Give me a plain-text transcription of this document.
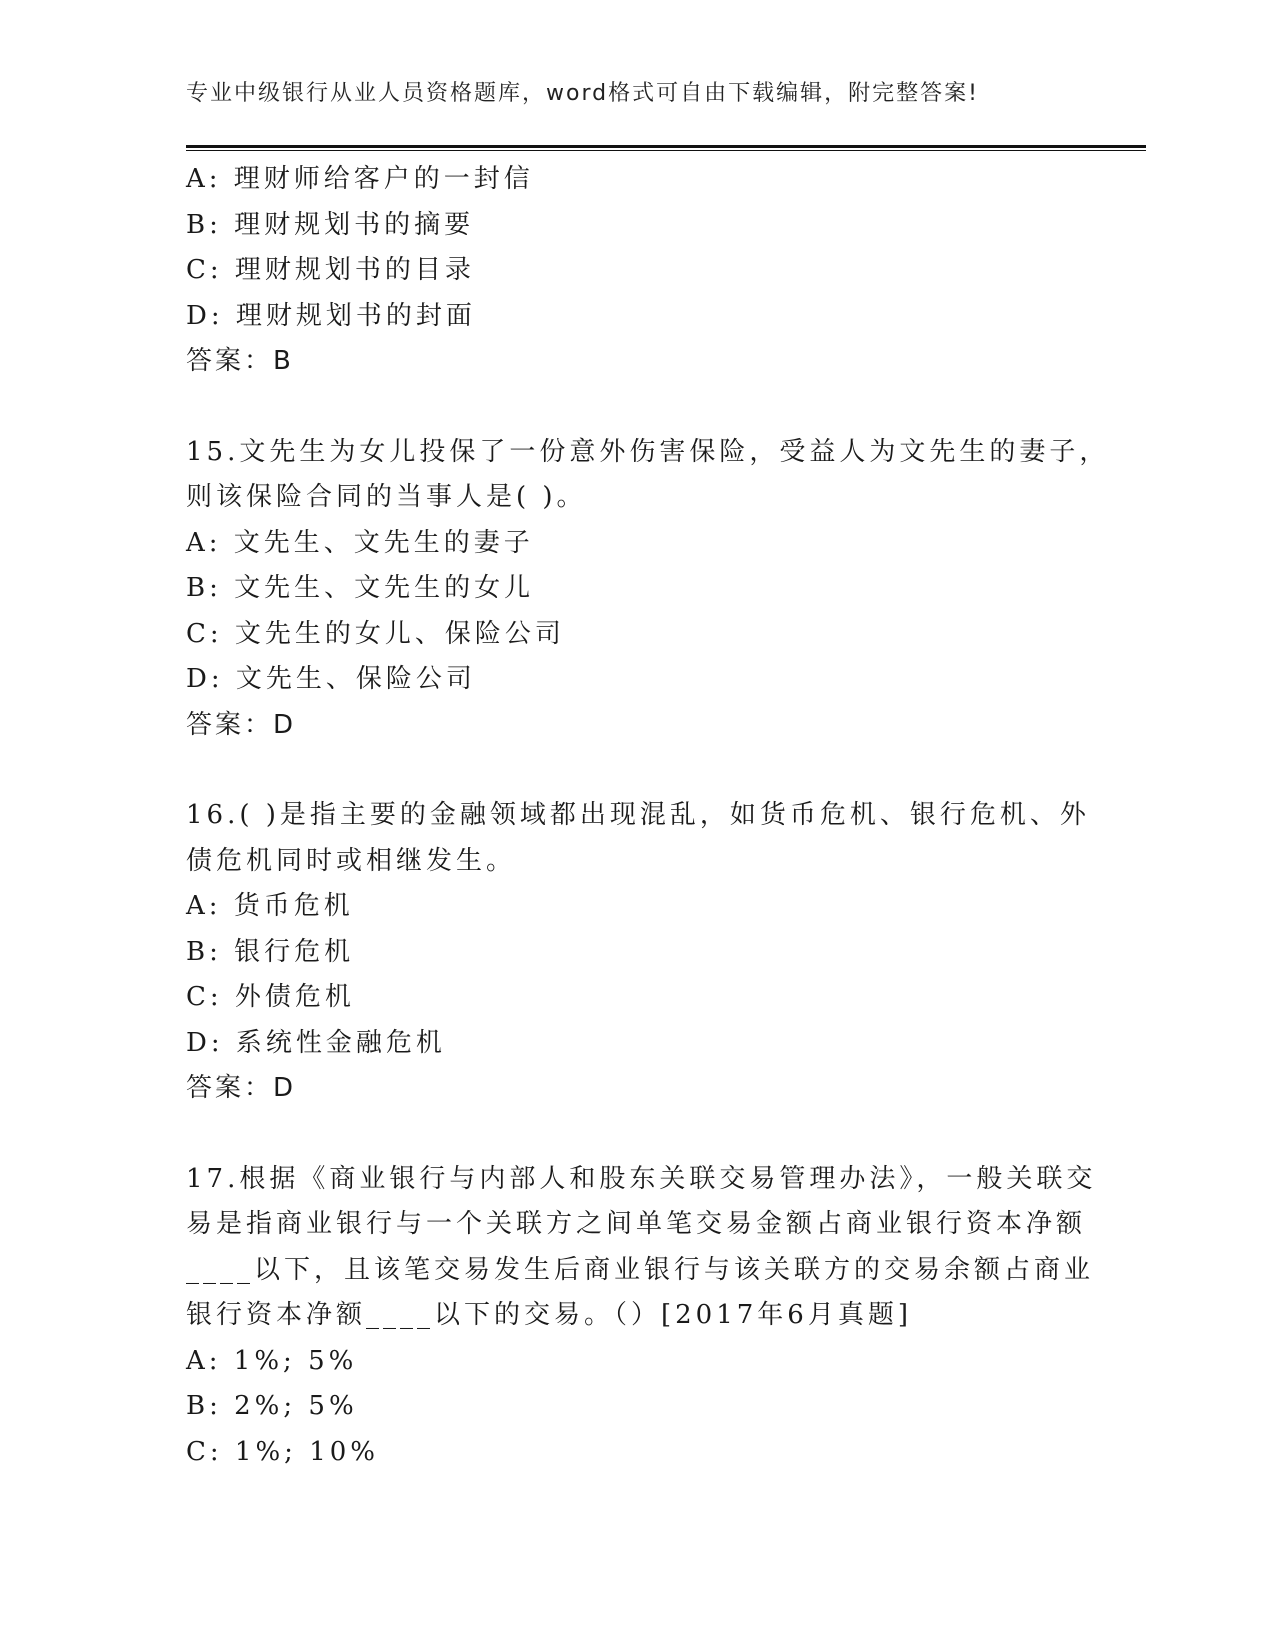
专业中级银行从业人员资格题库，word格式可自由下载编辑，附完整答案!
A: 理财师给客户的一封信
B: 理财规划书的摘要
C: 理财规划书的目录
D: 理财规划书的封面
答案：B
15.文先生为女儿投保了一份意外伤害保险，受益人为文先生的妻子，
则该保险合同的当事人是( )。
A: 文先生、文先生的妻子
B: 文先生、文先生的女儿
C: 文先生的女儿、保险公司
D: 文先生、保险公司
答案：D
16.( )是指主要的金融领域都出现混乱，如货币危机、银行危机、外
债危机同时或相继发生。
A: 货币危机
B: 银行危机
C: 外债危机
D: 系统性金融危机
答案：D
17.根据《商业银行与内部人和股东关联交易管理办法》，一般关联交
易是指商业银行与一个关联方之间单笔交易金额占商业银行资本净额
____以下，且该笔交易发生后商业银行与该关联方的交易余额占商业
银行资本净额____以下的交易。（）[2017年6月真题]
A: 1%; 5%
B: 2%; 5%
C: 1%; 10%
